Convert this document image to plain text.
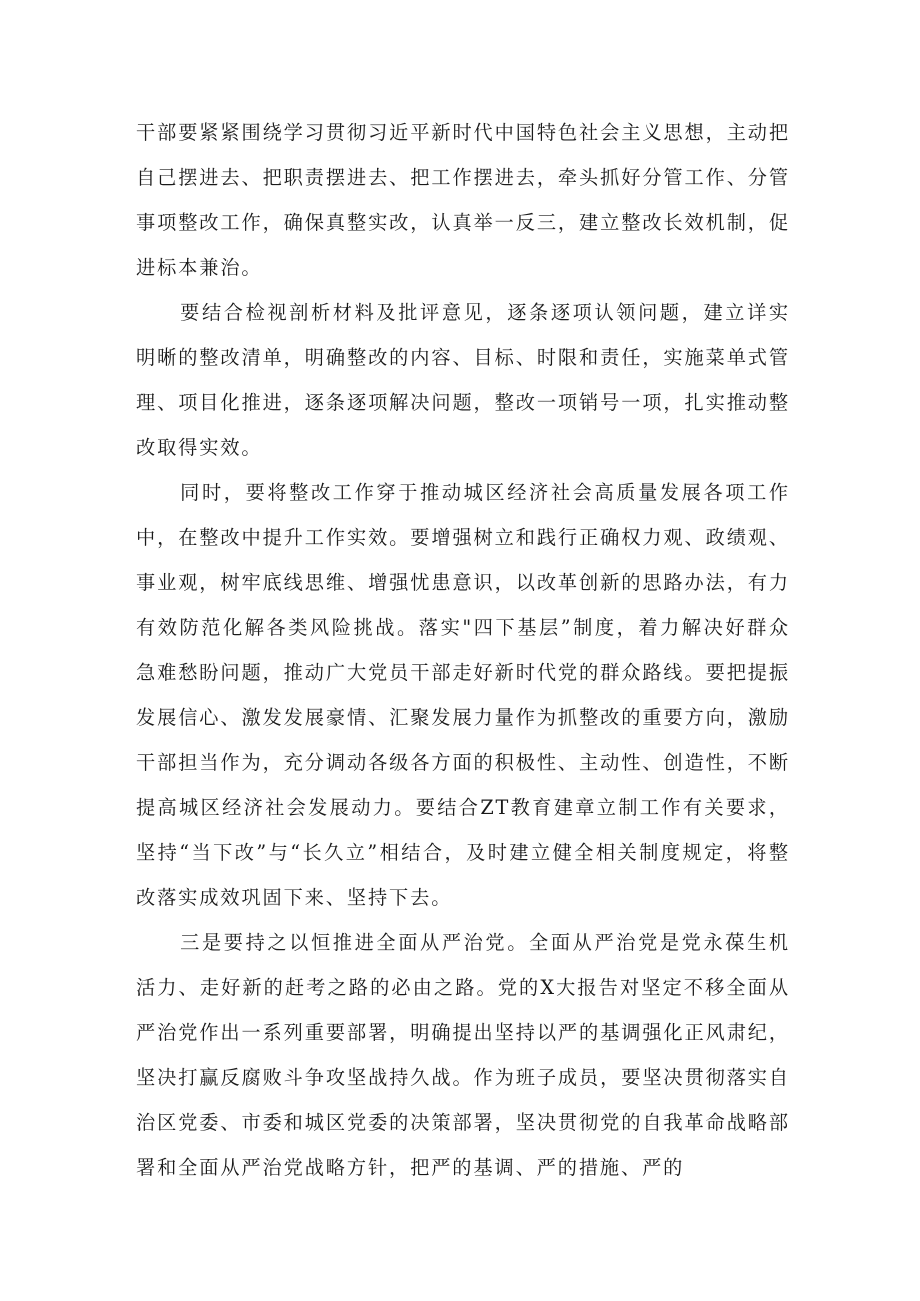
干部要紧紧围绕学习贯彻习近平新时代中国特色社会主义思想，主动把自己摆进去、把职责摆进去、把工作摆进去，牵头抓好分管工作、分管事项整改工作，确保真整实改，认真举一反三，建立整改长效机制，促进标本兼治。

要结合检视剖析材料及批评意见，逐条逐项认领问题，建立详实明晰的整改清单，明确整改的内容、目标、时限和责任，实施菜单式管理、项目化推进，逐条逐项解决问题，整改一项销号一项，扎实推动整改取得实效。

同时，要将整改工作穿于推动城区经济社会高质量发展各项工作中，在整改中提升工作实效。要增强树立和践行正确权力观、政绩观、事业观，树牢底线思维、增强忧患意识，以改革创新的思路办法，有力有效防范化解各类风险挑战。落实"四下基层”制度，着力解决好群众急难愁盼问题，推动广大党员干部走好新时代党的群众路线。要把提振发展信心、激发发展豪情、汇聚发展力量作为抓整改的重要方向，激励干部担当作为，充分调动各级各方面的积极性、主动性、创造性，不断提高城区经济社会发展动力。要结合ZT教育建章立制工作有关要求，坚持“当下改”与“长久立”相结合，及时建立健全相关制度规定，将整改落实成效巩固下来、坚持下去。

三是要持之以恒推进全面从严治党。全面从严治党是党永葆生机活力、走好新的赶考之路的必由之路。党的X大报告对坚定不移全面从严治党作出一系列重要部署，明确提出坚持以严的基调强化正风肃纪，坚决打赢反腐败斗争攻坚战持久战。作为班子成员，要坚决贯彻落实自治区党委、市委和城区党委的决策部署，坚决贯彻党的自我革命战略部署和全面从严治党战略方针，把严的基调、严的措施、严的
